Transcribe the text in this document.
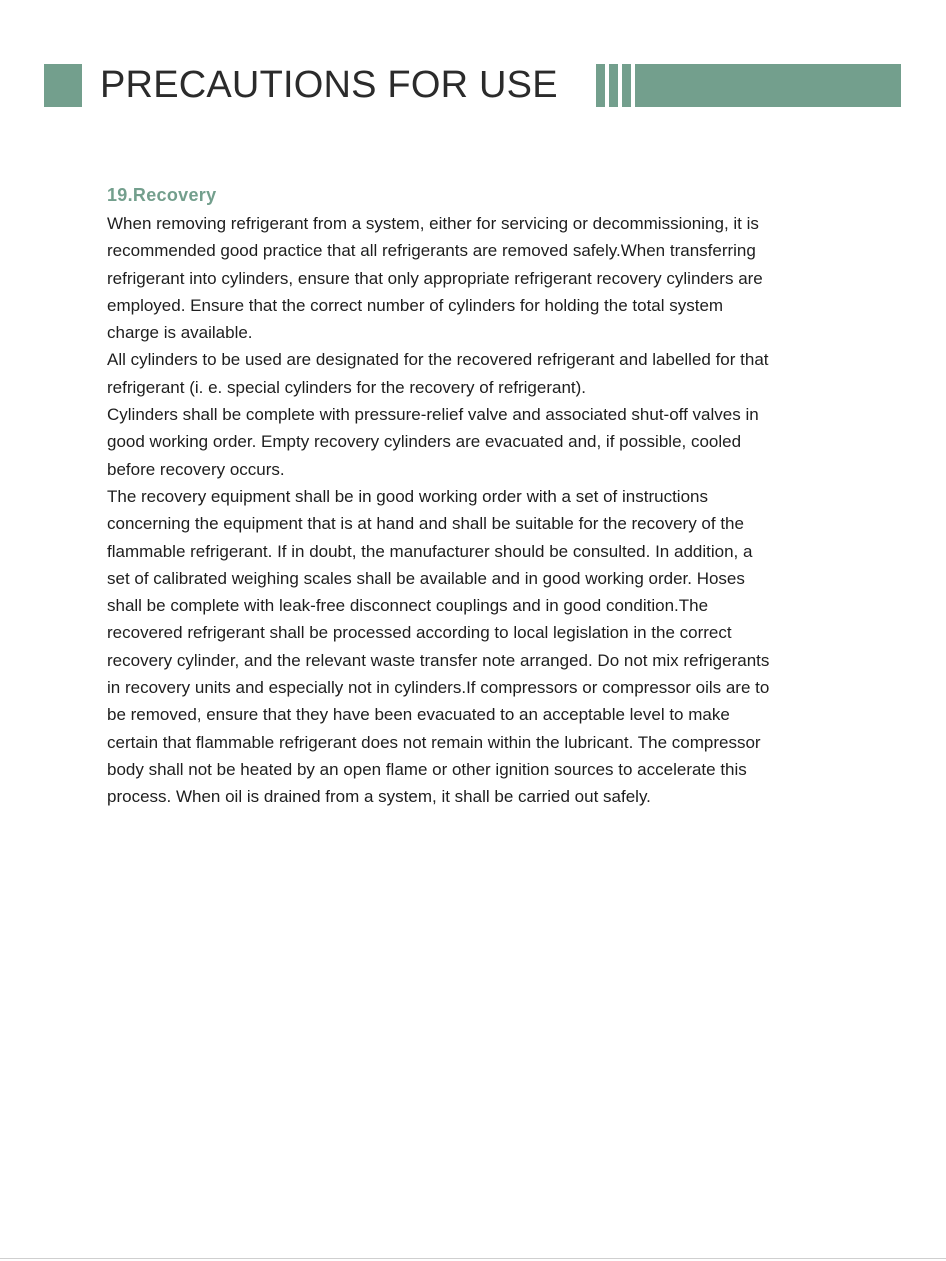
PRECAUTIONS FOR USE
19.Recovery

When removing refrigerant from a system, either for servicing or decommissioning, it is
recommended good practice that all refrigerants are removed safely.When transferring
refrigerant into cylinders, ensure that only appropriate refrigerant recovery cylinders are
employed. Ensure that the correct number of cylinders for holding the total system
charge is available.

All cylinders to be used are designated for the recovered refrigerant and labelled for that
refrigerant (i. e. special cylinders for the recovery of refrigerant).

Cylinders shall be complete with pressure-relief valve and associated shut-off valves in
good working order. Empty recovery cylinders are evacuated and, if possible, cooled
before recovery occurs.

The recovery equipment shall be in good working order with a set of instructions
concerning the equipment that is at hand and shall be suitable for the recovery of the
flammable refrigerant. If in doubt, the manufacturer should be consulted. In addition, a
set of calibrated weighing scales shall be available and in good working order. Hoses
shall be complete with leak-free disconnect couplings and in good condition.The
recovered refrigerant shall be processed according to local legislation in the correct
recovery cylinder, and the relevant waste transfer note arranged. Do not mix refrigerants
in recovery units and especially not in cylinders.If compressors or compressor oils are to
be removed, ensure that they have been evacuated to an acceptable level to make
certain that flammable refrigerant does not remain within the lubricant. The compressor
body shall not be heated by an open flame or other ignition sources to accelerate this
process. When oil is drained from a system, it shall be carried out safely.
